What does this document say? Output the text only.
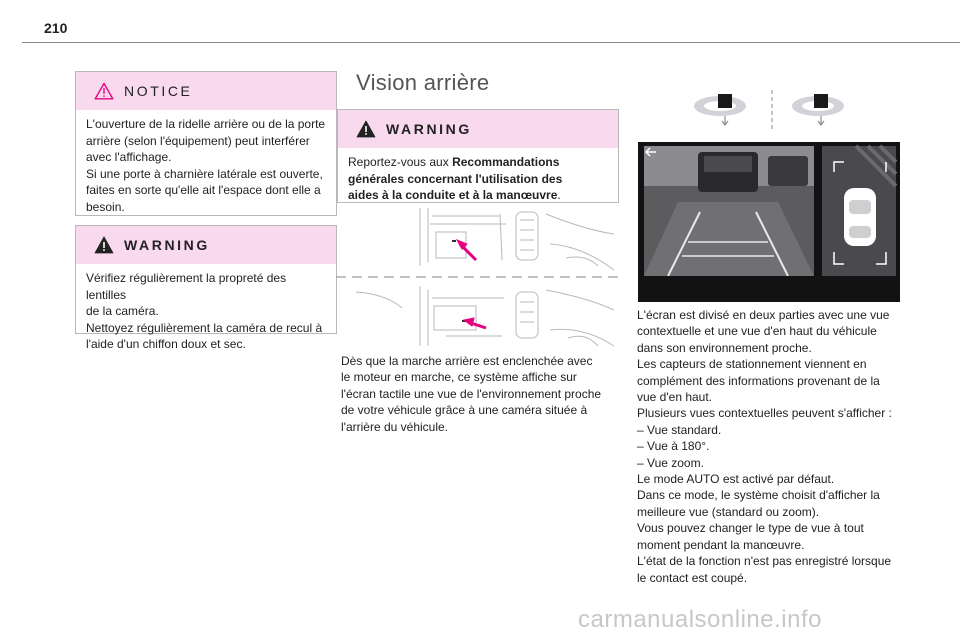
210
NOTICE

L'ouverture de la ridelle arrière ou de la porte

arrière (selon l'équipement) peut interférer

avec l'affichage.

Si une porte à charnière latérale est ouverte,

faites en sorte qu'elle ait l'espace dont elle a

besoin.

WARNING

Vérifiez régulièrement la propreté des lentilles

de la caméra.

Nettoyez régulièrement la caméra de recul à

l'aide d'un chiffon doux et sec.

Vision arrière
WARNING

Reportez-vous aux Recommandations

générales concernant l'utilisation des

aides à la conduite et à la manœuvre.

Dès que la marche arrière est enclenchée avec

le moteur en marche, ce système affiche sur

l'écran tactile une vue de l'environnement proche

de votre véhicule grâce à une caméra située à

l'arrière du véhicule.

L'écran est divisé en deux parties avec une vue

contextuelle et une vue d'en haut du véhicule

dans son environnement proche.

Les capteurs de stationnement viennent en

complément des informations provenant de la

vue d'en haut.

Plusieurs vues contextuelles peuvent s'afficher :

– Vue standard.

– Vue à 180°.

– Vue zoom.

Le mode AUTO est activé par défaut.

Dans ce mode, le système choisit d'afficher la

meilleure vue (standard ou zoom).

Vous pouvez changer le type de vue à tout

moment pendant la manœuvre.

L'état de la fonction n'est pas enregistré lorsque

le contact est coupé.

carmanualsonline.info
